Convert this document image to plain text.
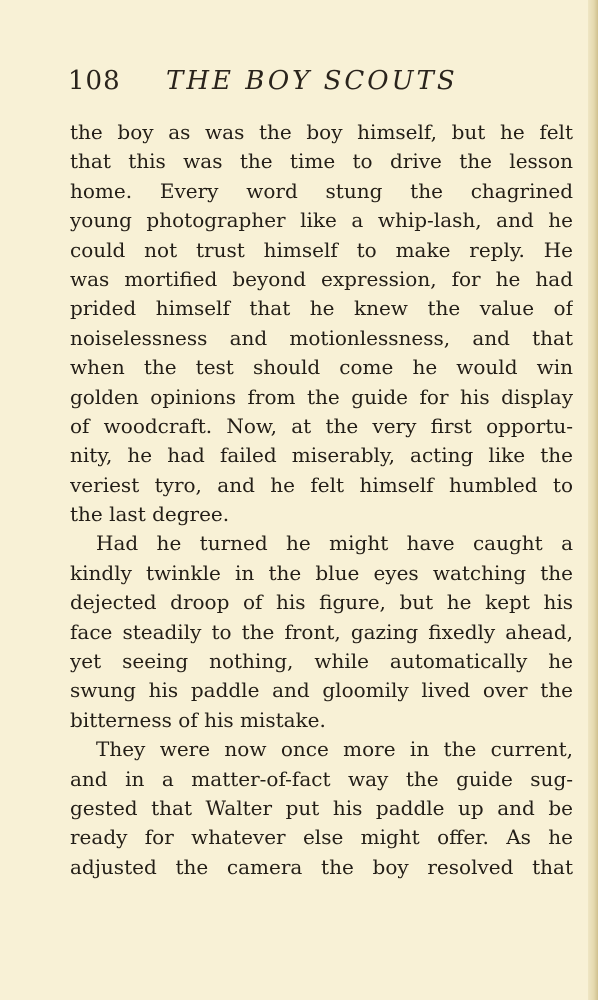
108 THE BOY SCOUTS
the boy as was the boy himself, but he felt
that this was the time to drive the lesson
home. Every word stung the chagrined
young photographer like a whip-lash, and he
could not trust himself to make reply. He
was mortified beyond expression, for he had
prided himself that he knew the value of
noiselessness and motionlessness, and that
when the test should come he would win
golden opinions from the guide for his display
of woodcraft. Now, at the very first opportu-
nity, he had failed miserably, acting like the
veriest tyro, and he felt himself humbled to
the last degree.
Had he turned he might have caught a
kindly twinkle in the blue eyes watching the
dejected droop of his figure, but he kept his
face steadily to the front, gazing fixedly ahead,
yet seeing nothing, while automatically he
swung his paddle and gloomily lived over the
bitterness of his mistake.
They were now once more in the current,
and in a matter-of-fact way the guide sug-
gested that Walter put his paddle up and be
ready for whatever else might offer. As he
adjusted the camera the boy resolved that
